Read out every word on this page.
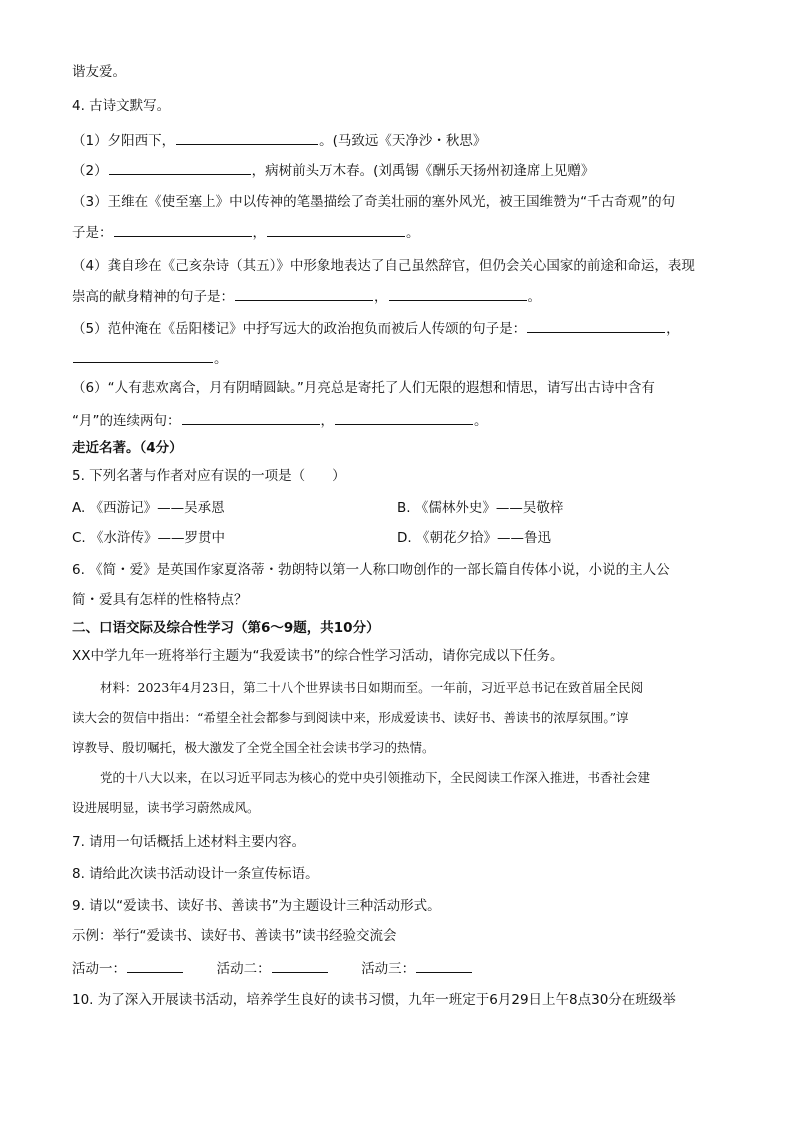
谐友爱。
4. 古诗文默写。
（1）夕阳西下，	。(马致远《天净沙・秋思》
（2）	，病树前头万木春。(刘禹锡《酬乐天扬州初逢席上见赠》
（3）王维在《使至塞上》中以传神的笔墨描绘了奇美壮丽的塞外风光，被王国维赞为“千古奇观”的句
子是：	，	。
（4）龚自珍在《己亥杂诗（其五）》中形象地表达了自己虽然辞官，但仍会关心国家的前途和命运，表现
崇高的献身精神的句子是：	，	。
（5）范仲淹在《岳阳楼记》中抒写远大的政治抱负而被后人传颂的句子是：	，
。
（6）“人有悲欢离合，月有阴晴圆缺。”月亮总是寄托了人们无限的遐想和情思，请写出古诗中含有
“月”的连续两句：	，	。
走近名著。（4分）
5. 下列名著与作者对应有误的一项是（　　）
A. 《西游记》——吴承恩	B. 《儒林外史》——吴敬梓
C. 《水浒传》——罗贯中	D. 《朝花夕拾》——鲁迅
6. 《简・爱》是英国作家夏洛蒂・勃朗特以第一人称口吻创作的一部长篇自传体小说，小说的主人公
简・爱具有怎样的性格特点？
二、口语交际及综合性学习（第6～9题，共10分）
XX中学九年一班将举行主题为“我爱读书”的综合性学习活动，请你完成以下任务。
材料：2023年4月23日，第二十八个世界读书日如期而至。一年前，习近平总书记在致首届全民阅
读大会的贺信中指出：“希望全社会都参与到阅读中来，形成爱读书、读好书、善读书的浓厚氛围。”谆
谆教导、殷切嘱托，极大激发了全党全国全社会读书学习的热情。
党的十八大以来，在以习近平同志为核心的党中央引领推动下，全民阅读工作深入推进，书香社会建
设进展明显，读书学习蔚然成风。
7. 请用一句话概括上述材料主要内容。
8. 请给此次读书活动设计一条宣传标语。
9. 请以“爱读书、读好书、善读书”为主题设计三种活动形式。
示例：举行“爱读书、读好书、善读书”读书经验交流会
活动一：	活动二：	活动三：
10. 为了深入开展读书活动，培养学生良好的读书习惯，九年一班定于6月29日上午8点30分在班级举
